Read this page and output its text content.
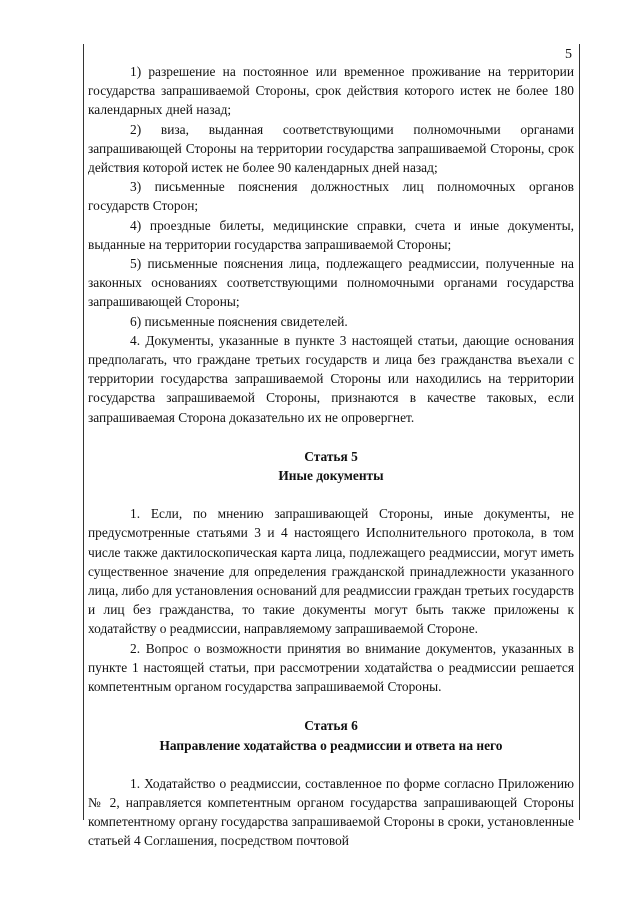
5

1) разрешение на постоянное или временное проживание на территории государства запрашиваемой Стороны, срок действия которого истек не более 180 календарных дней назад;

2) виза, выданная соответствующими полномочными органами запрашивающей Стороны на территории государства запрашиваемой Стороны, срок действия которой истек не более 90 календарных дней назад;

3) письменные пояснения должностных лиц полномочных органов государств Сторон;

4) проездные билеты, медицинские справки, счета и иные документы, выданные на территории государства запрашиваемой Стороны;

5) письменные пояснения лица, подлежащего реадмиссии, полученные на законных основаниях соответствующими полномочными органами государства запрашивающей Стороны;

6) письменные пояснения свидетелей.

4. Документы, указанные в пункте 3 настоящей статьи, дающие основания предполагать, что граждане третьих государств и лица без гражданства въехали с территории государства запрашиваемой Стороны или находились на территории государства запрашиваемой Стороны, признаются в качестве таковых, если запрашиваемая Сторона доказательно их не опровергнет.

Статья 5

Иные документы

1. Если, по мнению запрашивающей Стороны, иные документы, не предусмотренные статьями 3 и 4 настоящего Исполнительного протокола, в том числе также дактилоскопическая карта лица, подлежащего реадмиссии, могут иметь существенное значение для определения гражданской принадлежности указанного лица, либо для установления оснований для реадмиссии граждан третьих государств и лиц без гражданства, то такие документы могут быть также приложены к ходатайству о реадмиссии, направляемому запрашиваемой Стороне.

2. Вопрос о возможности принятия во внимание документов, указанных в пункте 1 настоящей статьи, при рассмотрении ходатайства о реадмиссии решается компетентным органом государства запрашиваемой Стороны.

Статья 6

Направление ходатайства о реадмиссии и ответа на него

1. Ходатайство о реадмиссии, составленное по форме согласно Приложению № 2, направляется компетентным органом государства запрашивающей Стороны компетентному органу государства запрашиваемой Стороны в сроки, установленные статьей 4 Соглашения, посредством почтовой
